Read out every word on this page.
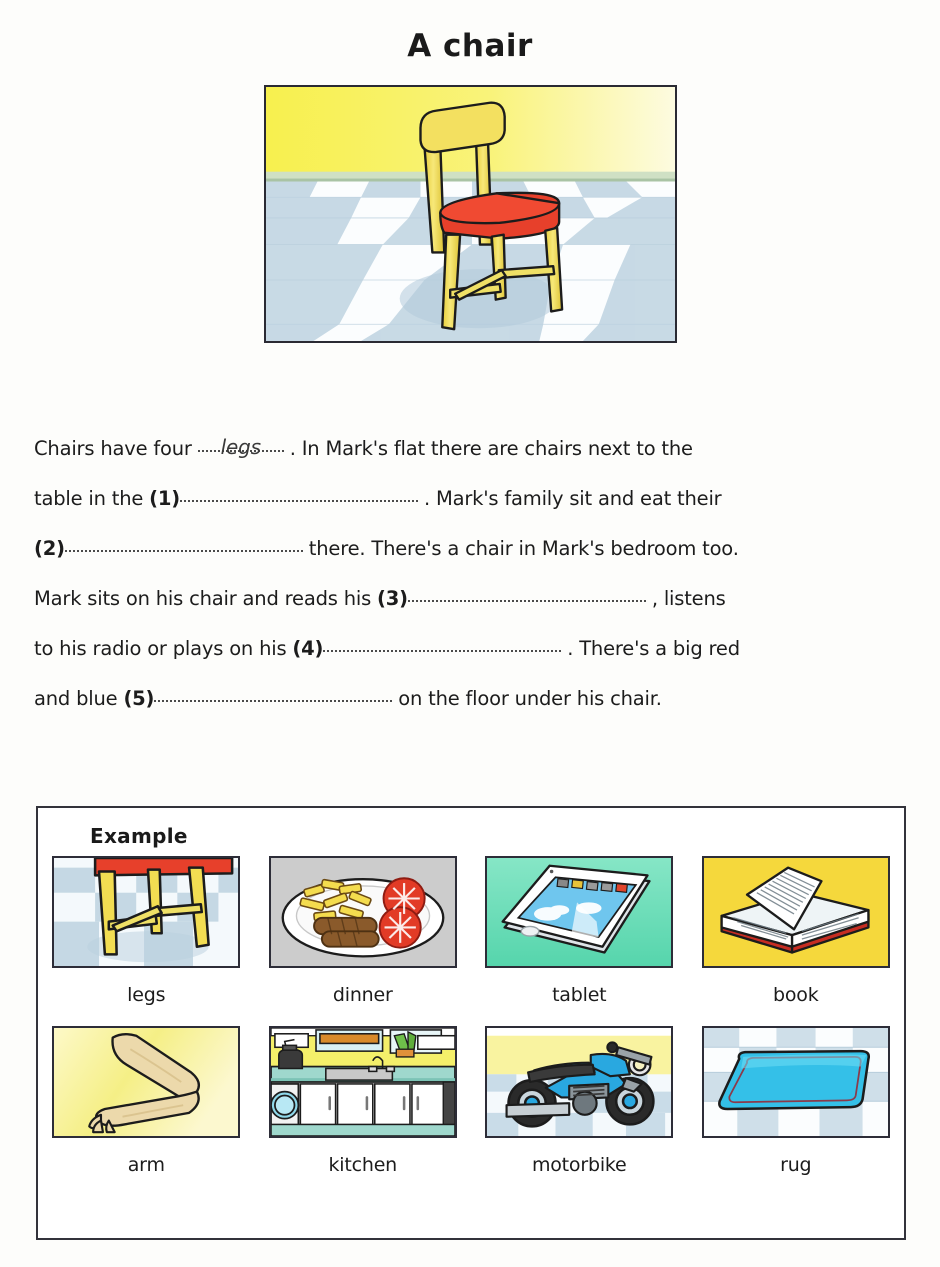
A chair
Chairs have four legs . In Mark's flat there are chairs next to the
table in the (1)	. Mark's family sit and eat their
(2)	there. There's a chair in Mark's bedroom too.
Mark sits on his chair and reads his (3)	, listens
to his radio or plays on his (4)	. There's a big red
and blue (5)	on the floor under his chair.
Example
legs	dinner	tablet	book
arm	kitchen	motorbike	rug
